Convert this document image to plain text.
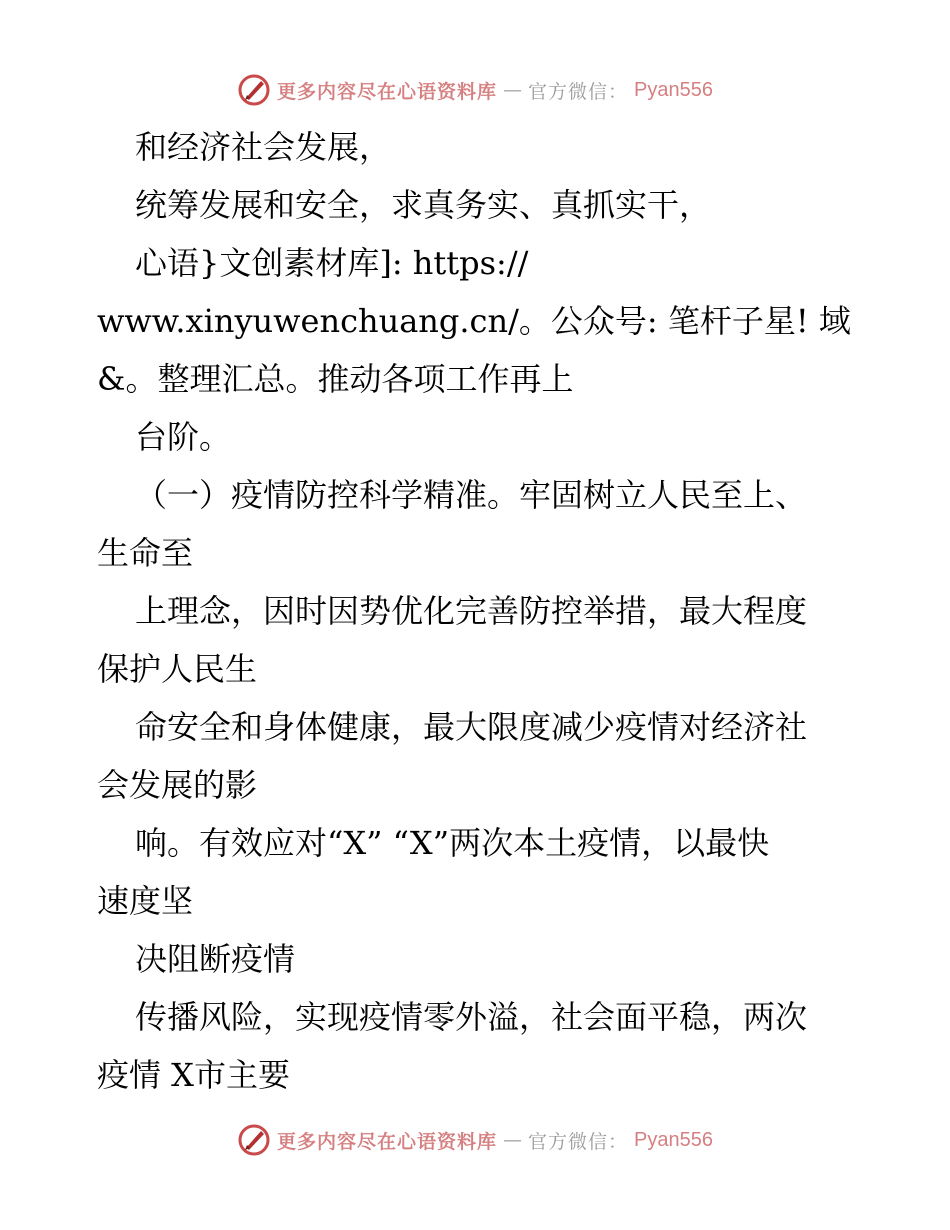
更多内容尽在心语资料库 — 官方微信： Pyan556
和经济社会发展，
统筹发展和安全，求真务实、真抓实干，
心语}文创素材库]: https://
www.xinyuwenchuang.cn/。公众号: 笔杆子星! 域
&。整理汇总。推动各项工作再上
台阶。
（一）疫情防控科学精准。牢固树立人民至上、
生命至
上理念，因时因势优化完善防控举措，最大程度
保护人民生
命安全和身体健康，最大限度减少疫情对经济社
会发展的影
响。有效应对“X” “X”两次本土疫情，以最快
速度坚
决阻断疫情
传播风险，实现疫情零外溢，社会面平稳，两次
疫情 X市主要
更多内容尽在心语资料库 — 官方微信： Pyan556
